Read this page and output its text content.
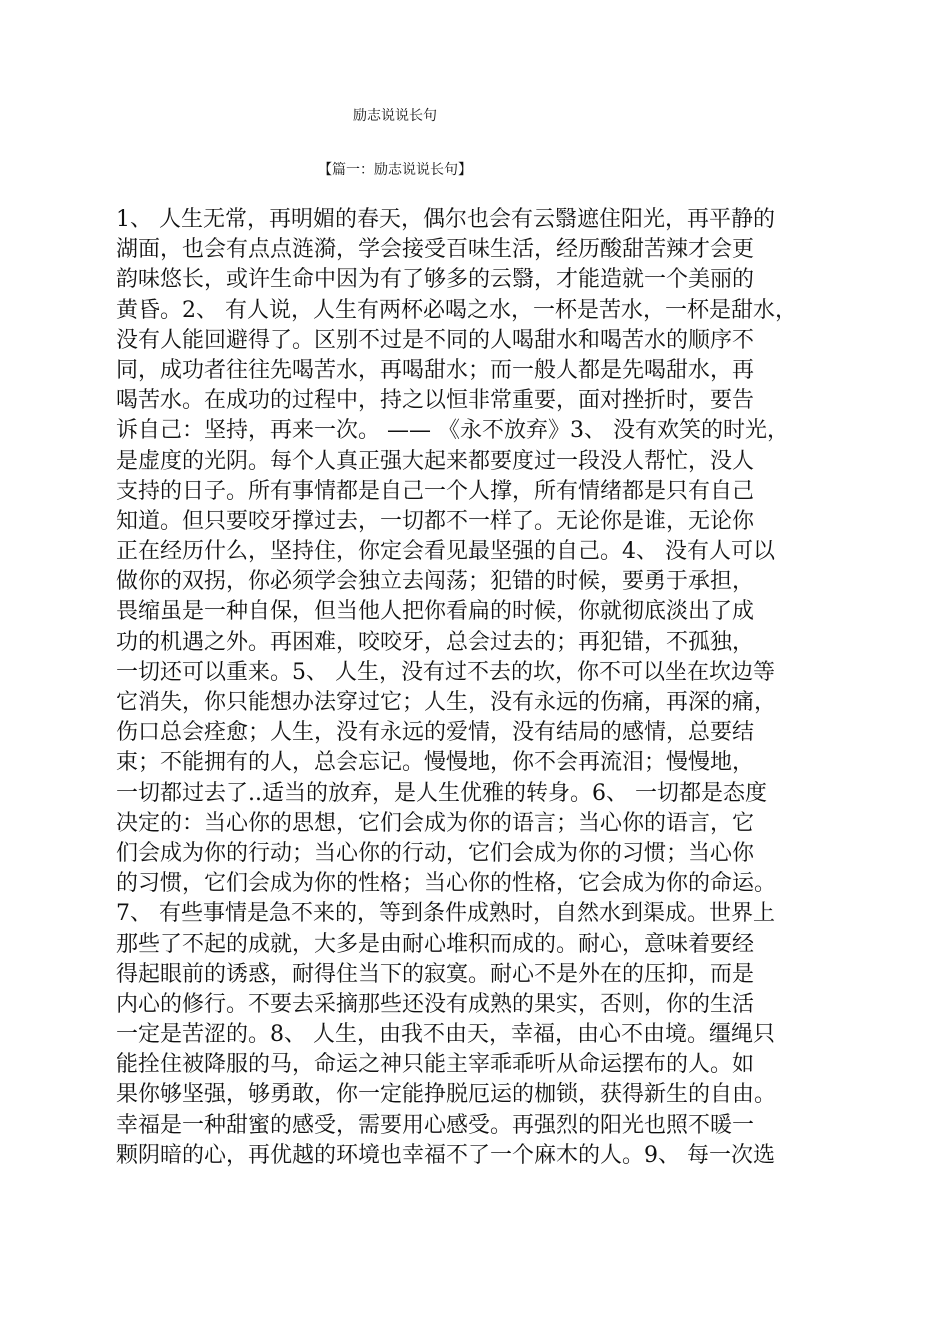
励志说说长句
【篇一：励志说说长句】
1、 人生无常，再明媚的春天，偶尔也会有云翳遮住阳光，再平静的
湖面，也会有点点涟漪，学会接受百味生活，经历酸甜苦辣才会更
韵味悠长，或许生命中因为有了够多的云翳，才能造就一个美丽的
黄昏。2、 有人说，人生有两杯必喝之水，一杯是苦水，一杯是甜水，
没有人能回避得了。区别不过是不同的人喝甜水和喝苦水的顺序不
同，成功者往往先喝苦水，再喝甜水；而一般人都是先喝甜水，再
喝苦水。在成功的过程中，持之以恒非常重要，面对挫折时，要告
诉自己：坚持，再来一次。 —— 《永不放弃》3、 没有欢笑的时光，
是虚度的光阴。每个人真正强大起来都要度过一段没人帮忙，没人
支持的日子。所有事情都是自己一个人撑，所有情绪都是只有自己
知道。但只要咬牙撑过去，一切都不一样了。无论你是谁，无论你
正在经历什么，坚持住，你定会看见最坚强的自己。4、 没有人可以
做你的双拐，你必须学会独立去闯荡；犯错的时候，要勇于承担，
畏缩虽是一种自保，但当他人把你看扁的时候，你就彻底淡出了成
功的机遇之外。再困难，咬咬牙，总会过去的；再犯错，不孤独，
一切还可以重来。5、 人生，没有过不去的坎，你不可以坐在坎边等
它消失，你只能想办法穿过它；人生，没有永远的伤痛，再深的痛，
伤口总会痊愈；人生，没有永远的爱情，没有结局的感情，总要结
束；不能拥有的人，总会忘记。慢慢地，你不会再流泪；慢慢地，
一切都过去了..适当的放弃，是人生优雅的转身。6、 一切都是态度
决定的：当心你的思想，它们会成为你的语言；当心你的语言，它
们会成为你的行动；当心你的行动，它们会成为你的习惯；当心你
的习惯，它们会成为你的性格；当心你的性格，它会成为你的命运。
7、 有些事情是急不来的，等到条件成熟时，自然水到渠成。世界上
那些了不起的成就，大多是由耐心堆积而成的。耐心，意味着要经
得起眼前的诱惑，耐得住当下的寂寞。耐心不是外在的压抑，而是
内心的修行。不要去采摘那些还没有成熟的果实，否则，你的生活
一定是苦涩的。8、 人生，由我不由天，幸福，由心不由境。缰绳只
能拴住被降服的马，命运之神只能主宰乖乖听从命运摆布的人。如
果你够坚强，够勇敢，你一定能挣脱厄运的枷锁，获得新生的自由。
幸福是一种甜蜜的感受，需要用心感受。再强烈的阳光也照不暖一
颗阴暗的心，再优越的环境也幸福不了一个麻木的人。9、 每一次选
